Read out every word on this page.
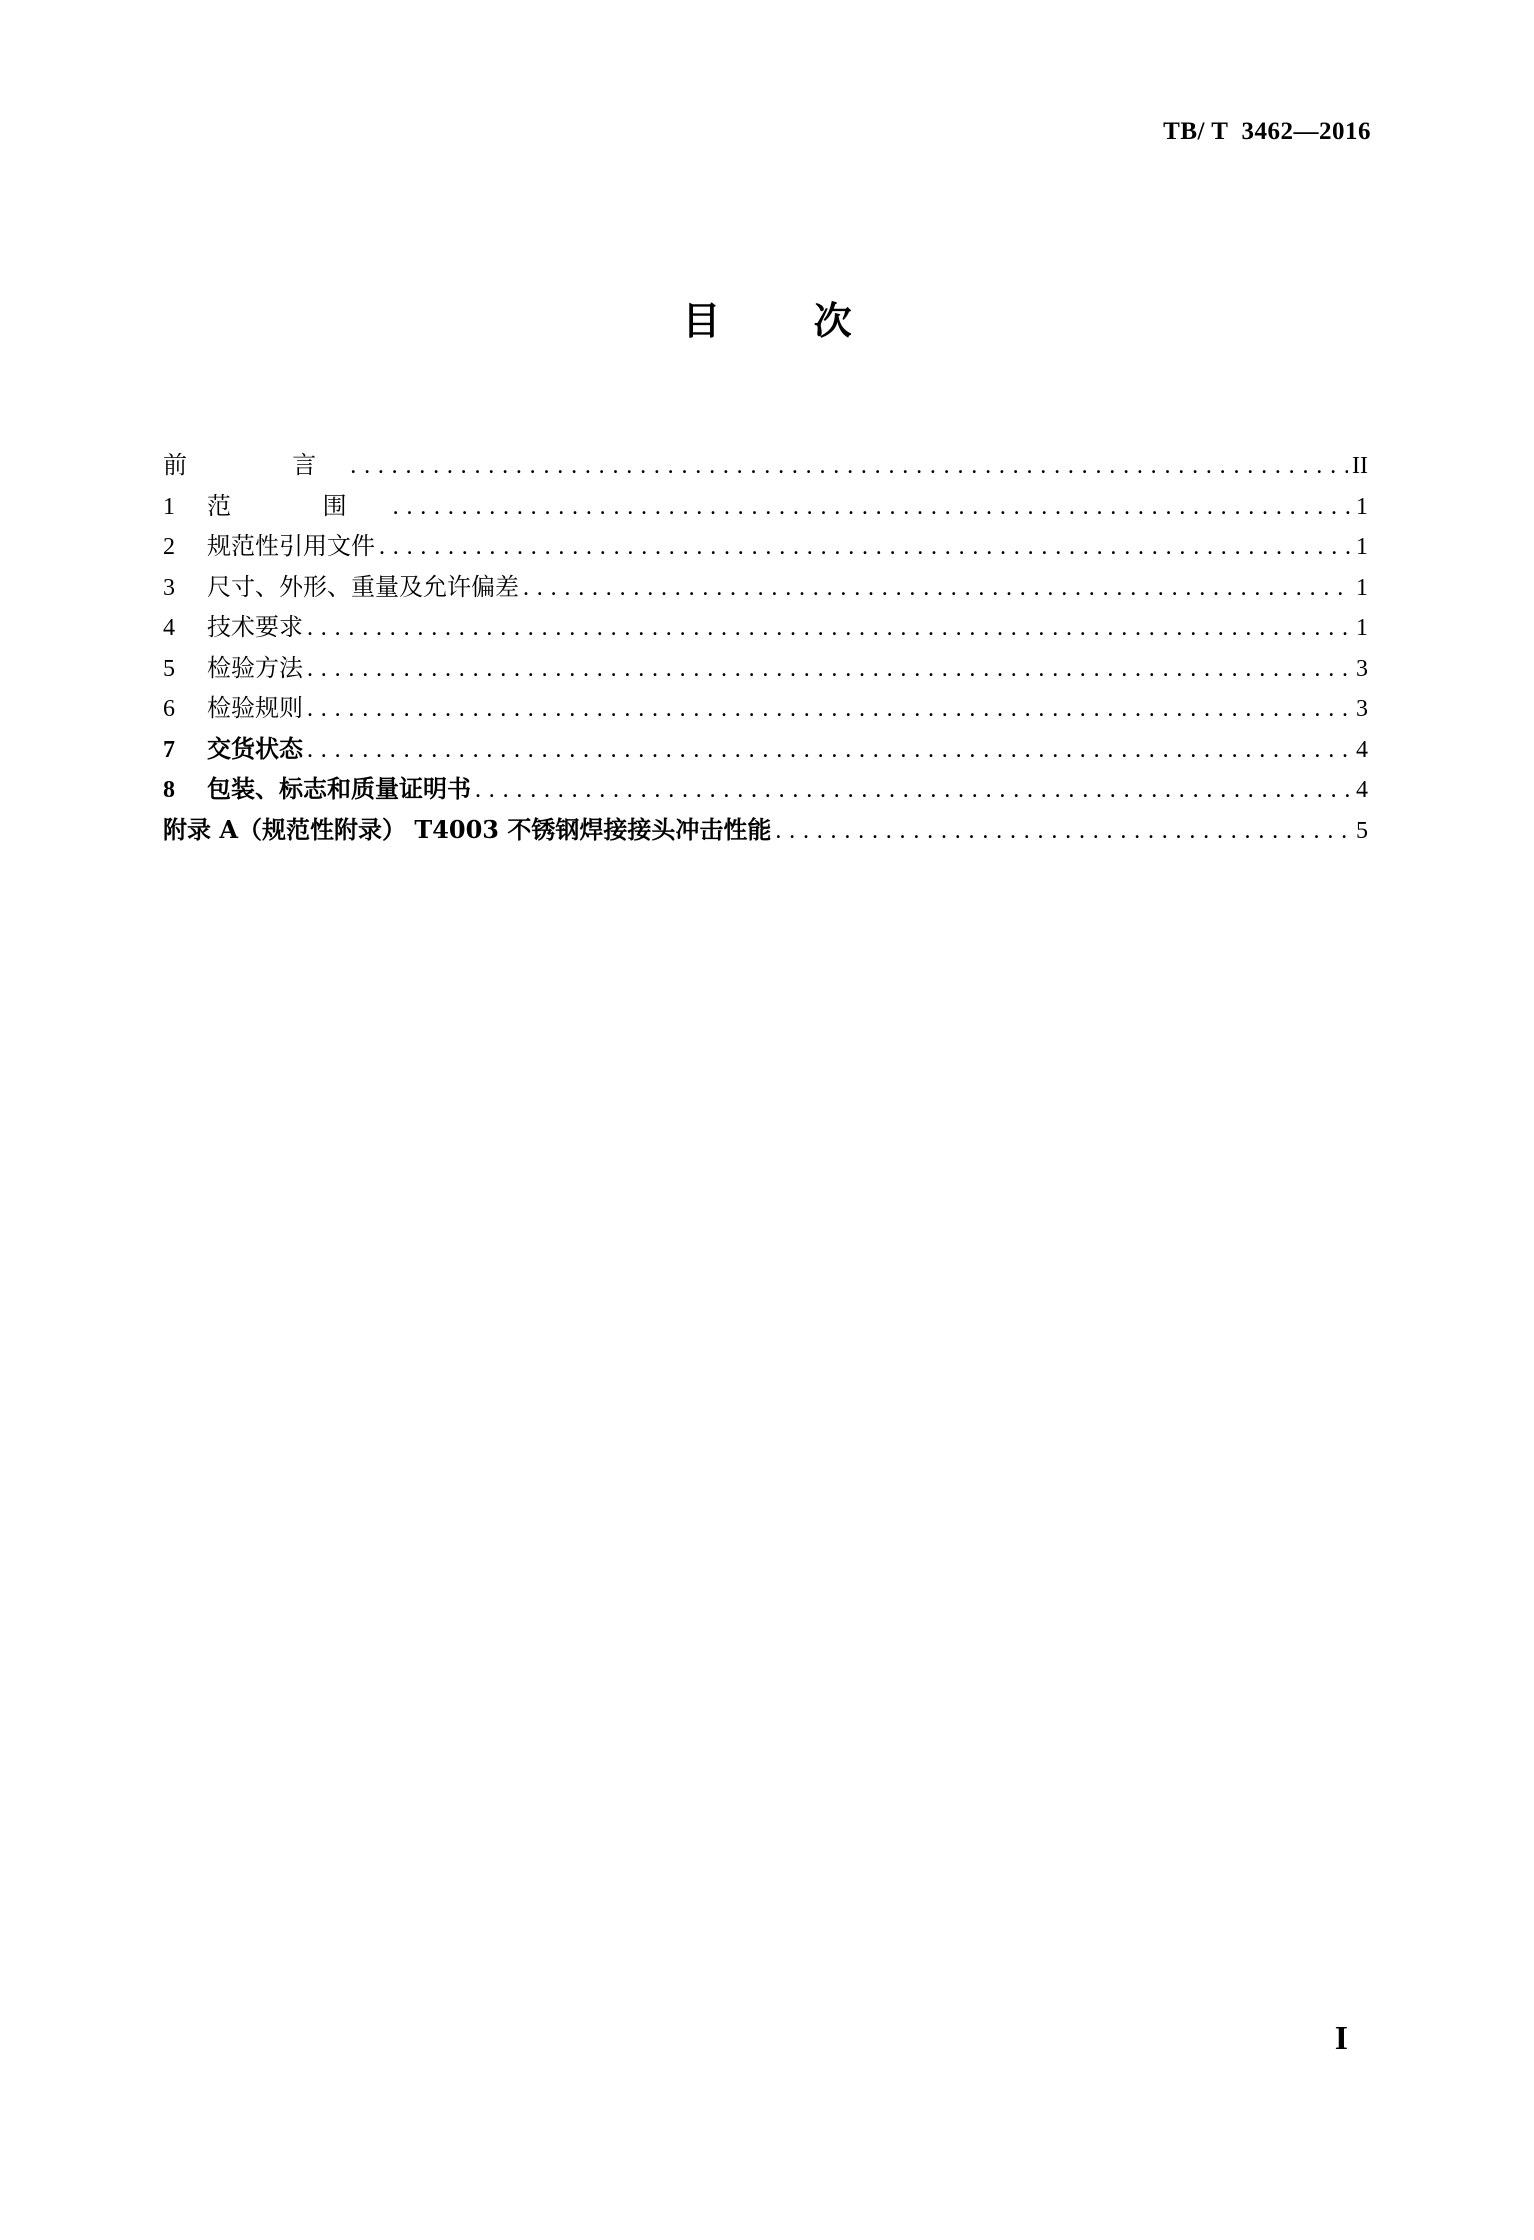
TB/ T  3462—2016
目 次
前  言 .....	II
1	范 围 .....	1
2	规范性引用文件 .....	1
3	尺寸、外形、重量及允许偏差 .....	1
4	技术要求 .....	1
5	检验方法 .....	3
6	检验规则 .....	3
7	交货状态 .....	4
8	包装、标志和质量证明书 .....	4
附录 A（规范性附录） T4003 不锈钢焊接接头冲击性能 .....	5
I
